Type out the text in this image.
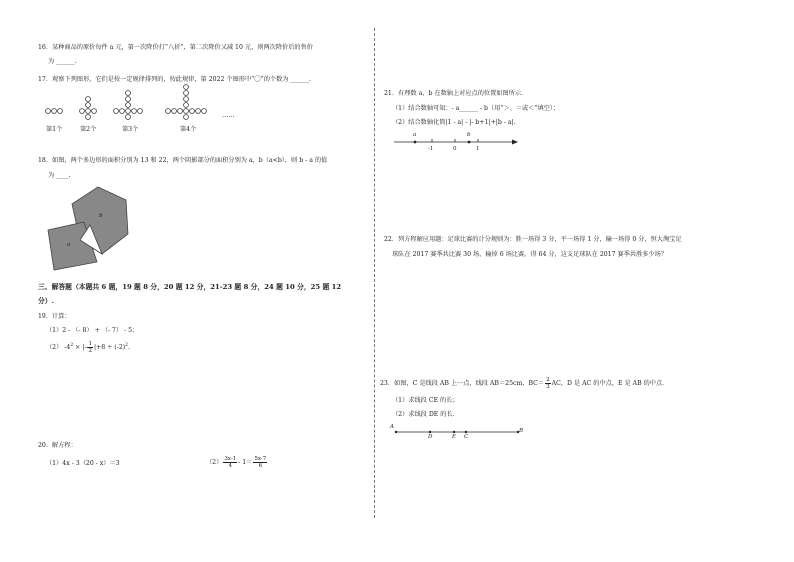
16．某种商品的原价每件 a 元，第一次降价打“八折”，第二次降价又减 10 元，则两次降价后的售价
为 ______.
17．观察下列图形，它们是按一定规律排列的，按此规律，第 2022 个图形中“〇”的个数为 ______.
第1个	第2个	第3个	第4个
……
18．如图，两个多边形的面积分别为 13 和 22，两个阴影部分的面积分别为 a，b（a<b），则 b - a 的值
为 ____.
b
a
三、解答题（本题共 6 题，19 题 8 分，20 题 12 分，21-23 题 8 分，24 题 10 分，25 题 12
分）.
19．计算：
（1）2 - （- 8） + （- 7） - 5；
（2） $-4^2$ × |- $\frac{1}{2} |+8 \div (-2)^2$.
20．解方程：
（1）4x - 3（20 - x）＝3	$(2) \frac{3x-1}{4} - 1= \frac{5x-7}{6}$
21．有理数 a，b 在数轴上对应点的位置如图所示．
（1）结合数轴可知：- a______ - b（用“＞、＝或＜”填空）；
（2）结合数轴化简|1 - a| - |- b+1|+|b - a|.
a
-1	0	1
b
22．列方程解应用题：足球比赛的计分规则为：胜一场得 3 分，平一场得 1 分，输一场得 0 分，恒大淘宝足
球队在 2017 赛季共比赛 30 场，输掉 6 场比赛，得 64 分，这支足球队在 2017 赛季共胜多少场？
23．如图，C 是线段 AB 上一点，线段 AB＝25cm，$BC= \frac{2}{3}$ AC，D 是 AC 的中点，E 是 AB 的中点．
（1）求线段 CE 的长；
（2）求线段 DE 的长．
A
D	E C
B
